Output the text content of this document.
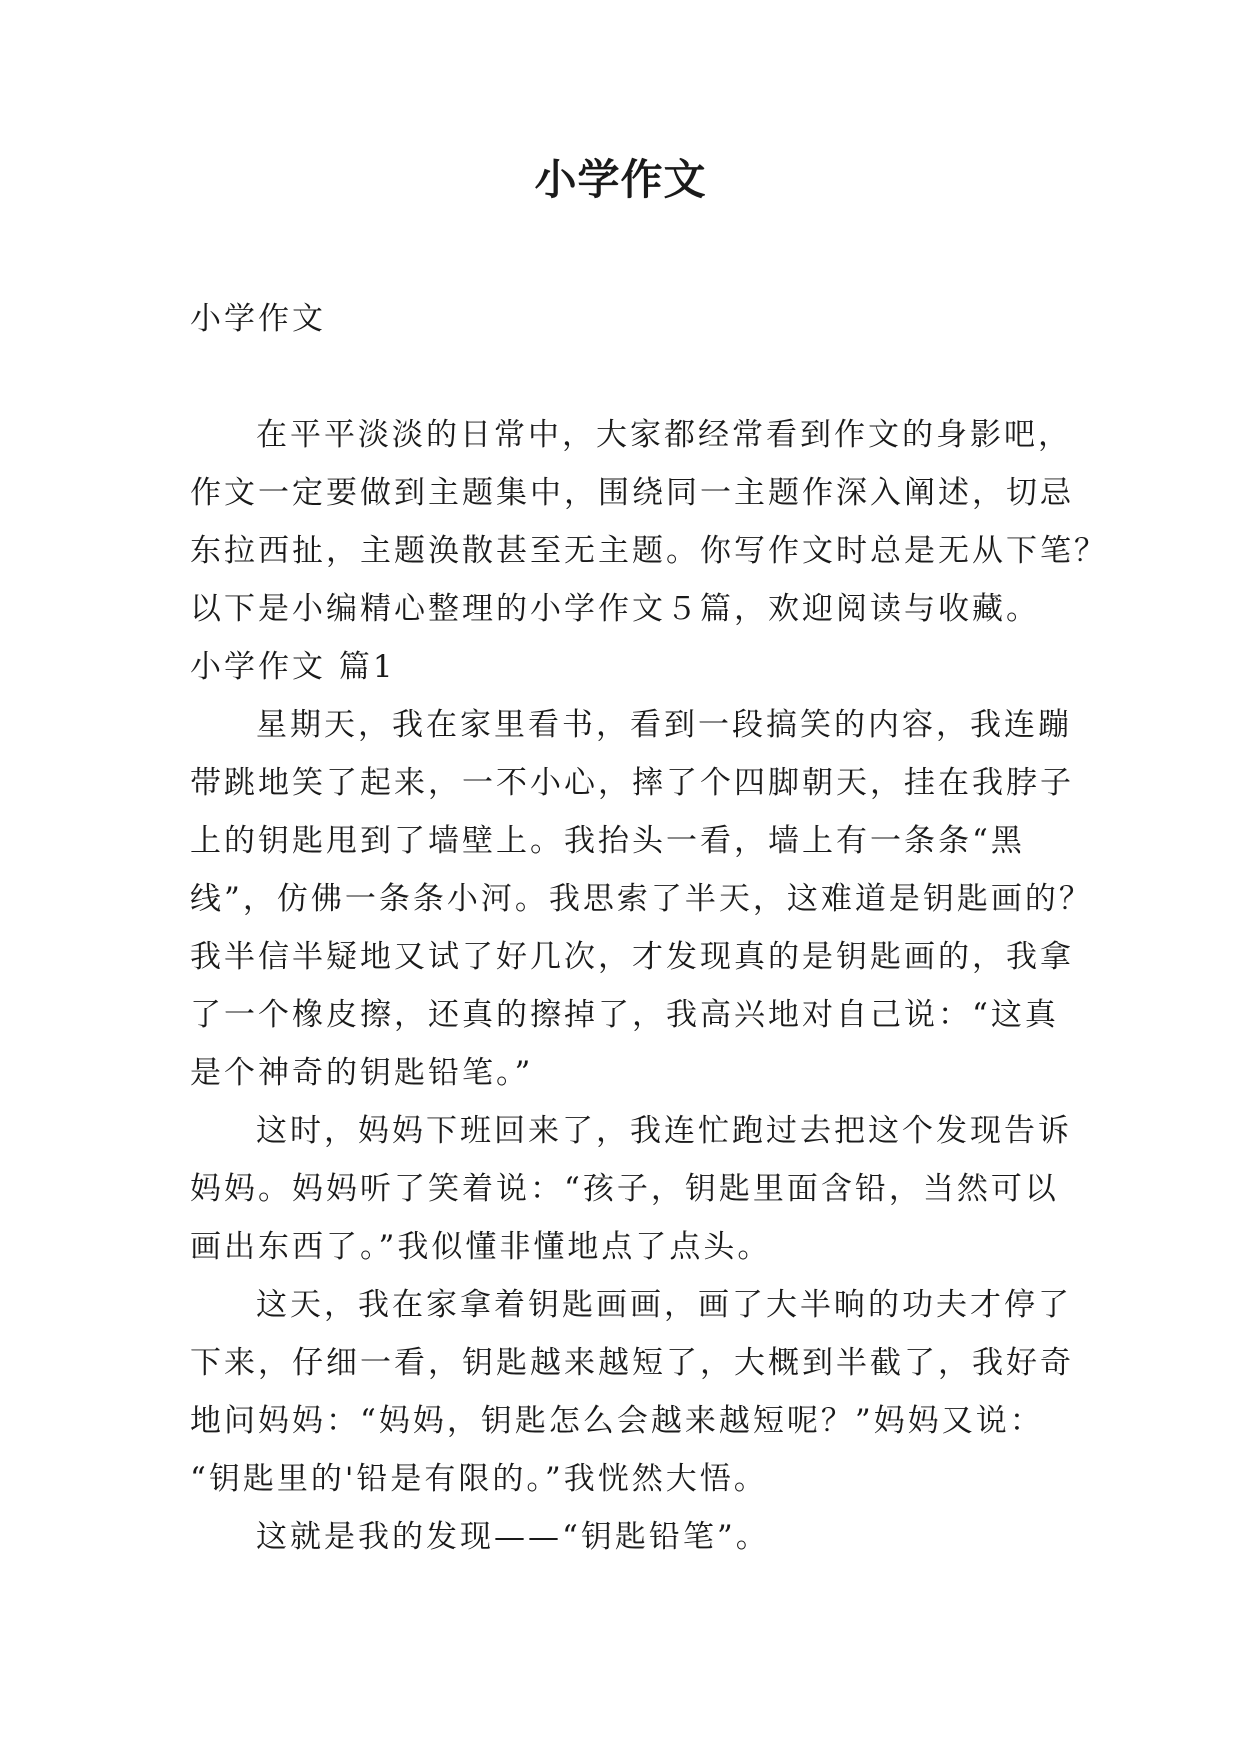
小学作文

小学作文

在平平淡淡的日常中，大家都经常看到作文的身影吧，

作文一定要做到主题集中，围绕同一主题作深入阐述，切忌

东拉西扯，主题涣散甚至无主题。你写作文时总是无从下笔？

以下是小编精心整理的小学作文５篇，欢迎阅读与收藏。

小学作文 篇1

星期天，我在家里看书，看到一段搞笑的内容，我连蹦

带跳地笑了起来，一不小心，摔了个四脚朝天，挂在我脖子

上的钥匙甩到了墙壁上。我抬头一看，墙上有一条条“黑

线”，仿佛一条条小河。我思索了半天，这难道是钥匙画的？

我半信半疑地又试了好几次，才发现真的是钥匙画的，我拿

了一个橡皮擦，还真的擦掉了，我高兴地对自己说：“这真

是个神奇的钥匙铅笔。”

这时，妈妈下班回来了，我连忙跑过去把这个发现告诉

妈妈。妈妈听了笑着说：“孩子，钥匙里面含铅，当然可以

画出东西了。”我似懂非懂地点了点头。

这天，我在家拿着钥匙画画，画了大半晌的功夫才停了

下来，仔细一看，钥匙越来越短了，大概到半截了，我好奇

地问妈妈：“妈妈，钥匙怎么会越来越短呢？”妈妈又说：

“钥匙里的'铅是有限的。”我恍然大悟。

这就是我的发现——“钥匙铅笔”。
